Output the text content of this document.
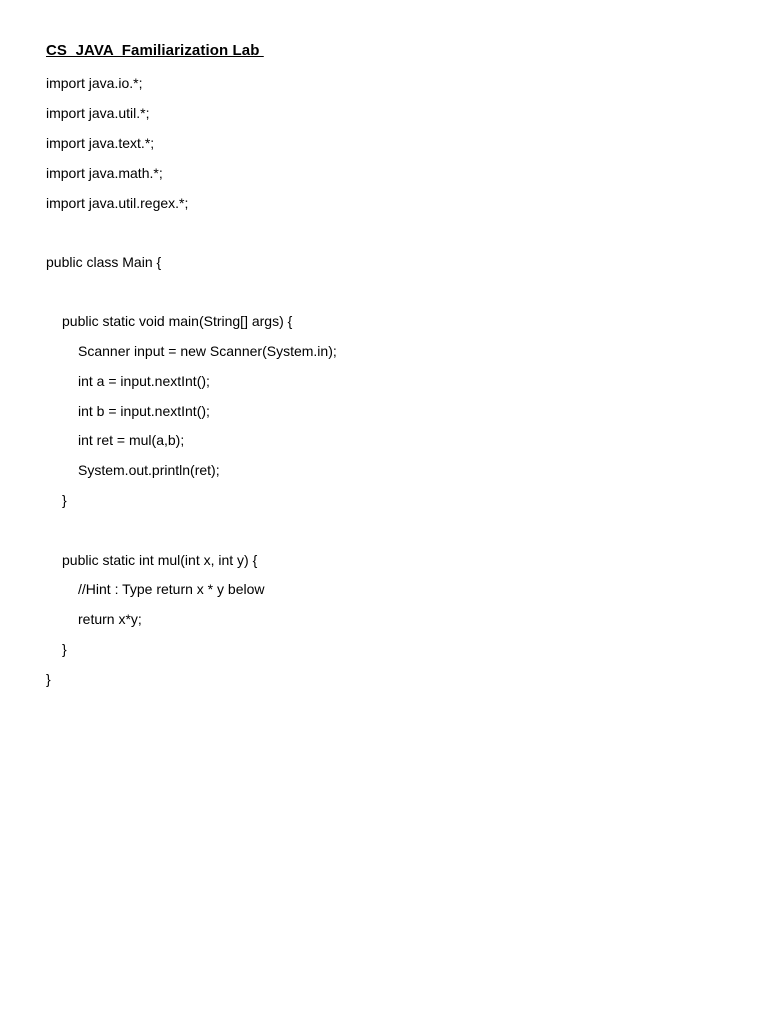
CS  JAVA  Familiarization Lab
import java.io.*;
import java.util.*;
import java.text.*;
import java.math.*;
import java.util.regex.*;
public class Main {
public static void main(String[] args) {
Scanner input = new Scanner(System.in);
int a = input.nextInt();
int b = input.nextInt();
int ret = mul(a,b);
System.out.println(ret);
}
public static int mul(int x, int y) {
//Hint : Type return x * y below
return x*y;
}
}
